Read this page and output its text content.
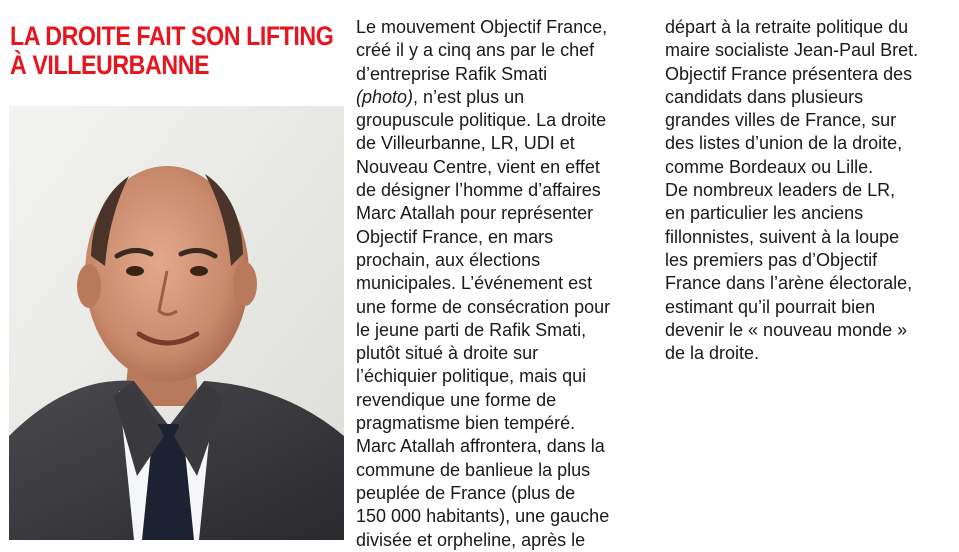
LA DROITE FAIT SON LIFTING
À VILLEURBANNE
Le mouvement Objectif France,
créé il y a cinq ans par le chef
d’entreprise Rafik Smati
(photo), n’est plus un
groupuscule politique. La droite
de Villeurbanne, LR, UDI et
Nouveau Centre, vient en effet
de désigner l’homme d’affaires
Marc Atallah pour représenter
Objectif France, en mars
prochain, aux élections
municipales. L’événement est
une forme de consécration pour
le jeune parti de Rafik Smati,
plutôt situé à droite sur
l’échiquier politique, mais qui
revendique une forme de
pragmatisme bien tempéré.
Marc Atallah affrontera, dans la
commune de banlieue la plus
peuplée de France (plus de
150 000 habitants), une gauche
divisée et orpheline, après le
départ à la retraite politique du
maire socialiste Jean-Paul Bret.
Objectif France présentera des
candidats dans plusieurs
grandes villes de France, sur
des listes d’union de la droite,
comme Bordeaux ou Lille.
De nombreux leaders de LR,
en particulier les anciens
fillonnistes, suivent à la loupe
les premiers pas d’Objectif
France dans l’arène électorale,
estimant qu’il pourrait bien
devenir le « nouveau monde »
de la droite.
